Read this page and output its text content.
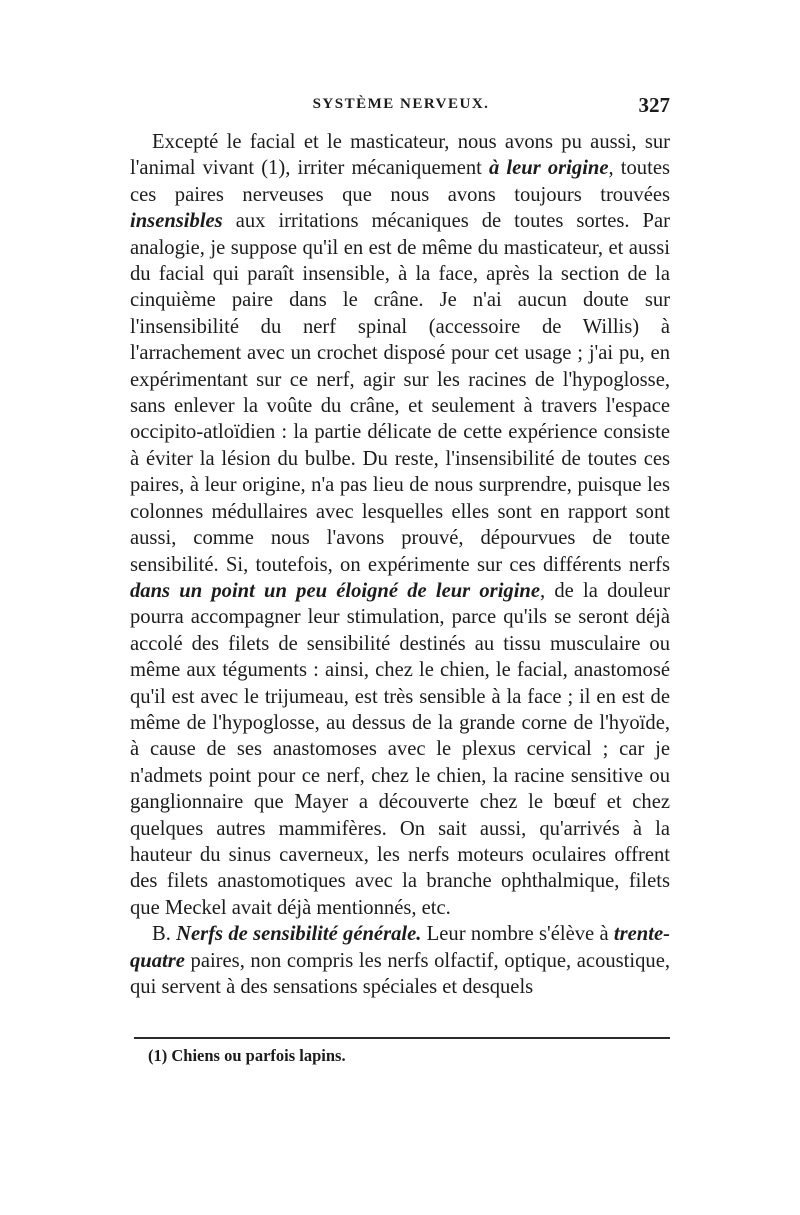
SYSTÈME NERVEUX.	327

Excepté le facial et le masticateur, nous avons pu aussi, sur l'animal vivant (1), irriter mécaniquement à leur origine, toutes ces paires nerveuses que nous avons toujours trouvées insensibles aux irritations mécaniques de toutes sortes. Par analogie, je suppose qu'il en est de même du masticateur, et aussi du facial qui paraît insensible, à la face, après la section de la cinquième paire dans le crâne. Je n'ai aucun doute sur l'insensibilité du nerf spinal (accessoire de Willis) à l'arrachement avec un crochet disposé pour cet usage ; j'ai pu, en expérimentant sur ce nerf, agir sur les racines de l'hypoglosse, sans enlever la voûte du crâne, et seulement à travers l'espace occipito-atloïdien : la partie délicate de cette expérience consiste à éviter la lésion du bulbe. Du reste, l'insensibilité de toutes ces paires, à leur origine, n'a pas lieu de nous surprendre, puisque les colonnes médullaires avec lesquelles elles sont en rapport sont aussi, comme nous l'avons prouvé, dépourvues de toute sensibilité. Si, toutefois, on expérimente sur ces différents nerfs dans un point un peu éloigné de leur origine, de la douleur pourra accompagner leur stimulation, parce qu'ils se seront déjà accolé des filets de sensibilité destinés au tissu musculaire ou même aux téguments : ainsi, chez le chien, le facial, anastomosé qu'il est avec le trijumeau, est très sensible à la face ; il en est de même de l'hypoglosse, au dessus de la grande corne de l'hyoïde, à cause de ses anastomoses avec le plexus cervical ; car je n'admets point pour ce nerf, chez le chien, la racine sensitive ou ganglionnaire que Mayer a découverte chez le bœuf et chez quelques autres mammifères. On sait aussi, qu'arrivés à la hauteur du sinus caverneux, les nerfs moteurs oculaires offrent des filets anastomotiques avec la branche ophthalmique, filets que Meckel avait déjà mentionnés, etc.

B. Nerfs de sensibilité générale. Leur nombre s'élève à trente-quatre paires, non compris les nerfs olfactif, optique, acoustique, qui servent à des sensations spéciales et desquels

(1) Chiens ou parfois lapins.
